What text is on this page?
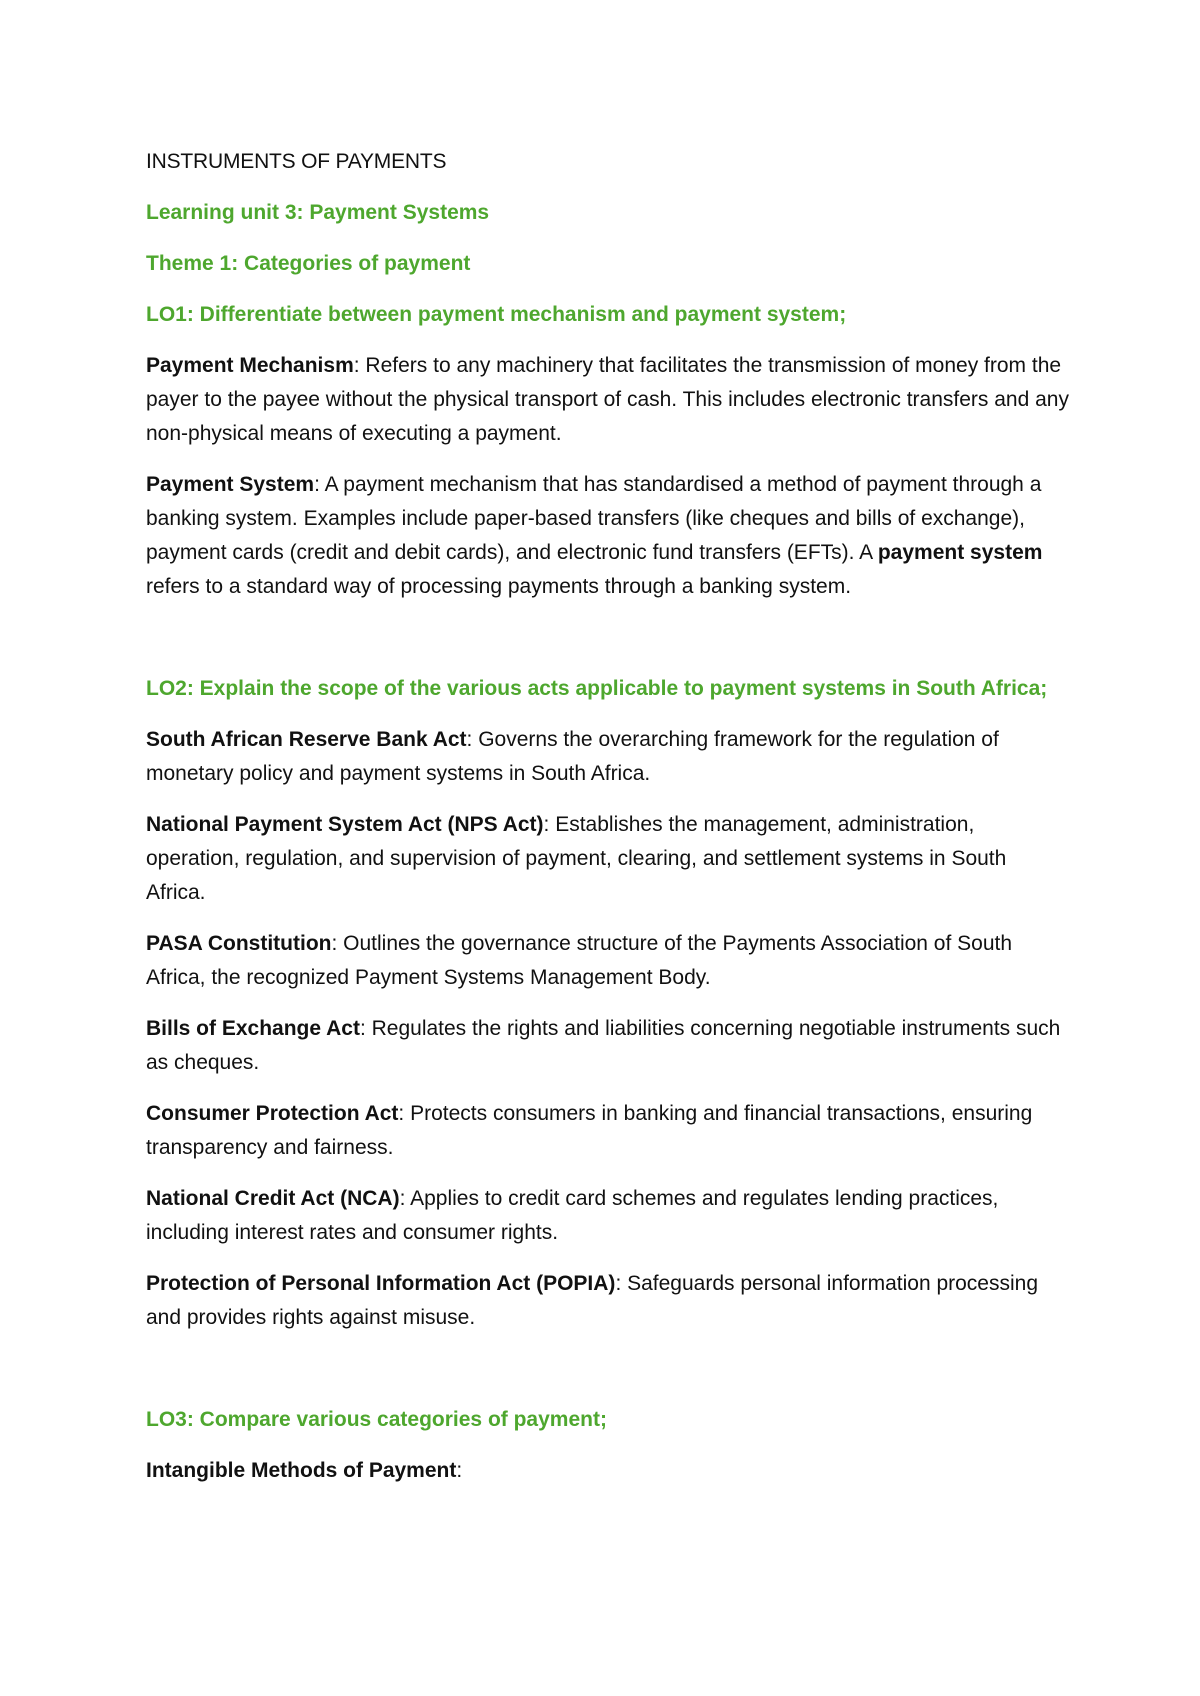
INSTRUMENTS OF PAYMENTS

Learning unit 3: Payment Systems

Theme 1: Categories of payment

LO1: Differentiate between payment mechanism and payment system;

Payment Mechanism: Refers to any machinery that facilitates the transmission of money from the payer to the payee without the physical transport of cash. This includes electronic transfers and any non-physical means of executing a payment.

Payment System: A payment mechanism that has standardised a method of payment through a banking system. Examples include paper-based transfers (like cheques and bills of exchange), payment cards (credit and debit cards), and electronic fund transfers (EFTs). A payment system refers to a standard way of processing payments through a banking system.

LO2: Explain the scope of the various acts applicable to payment systems in South Africa;

South African Reserve Bank Act: Governs the overarching framework for the regulation of monetary policy and payment systems in South Africa.

National Payment System Act (NPS Act): Establishes the management, administration, operation, regulation, and supervision of payment, clearing, and settlement systems in South Africa.

PASA Constitution: Outlines the governance structure of the Payments Association of South Africa, the recognized Payment Systems Management Body.

Bills of Exchange Act: Regulates the rights and liabilities concerning negotiable instruments such as cheques.

Consumer Protection Act: Protects consumers in banking and financial transactions, ensuring transparency and fairness.

National Credit Act (NCA): Applies to credit card schemes and regulates lending practices, including interest rates and consumer rights.

Protection of Personal Information Act (POPIA): Safeguards personal information processing and provides rights against misuse.

LO3: Compare various categories of payment;

Intangible Methods of Payment:
